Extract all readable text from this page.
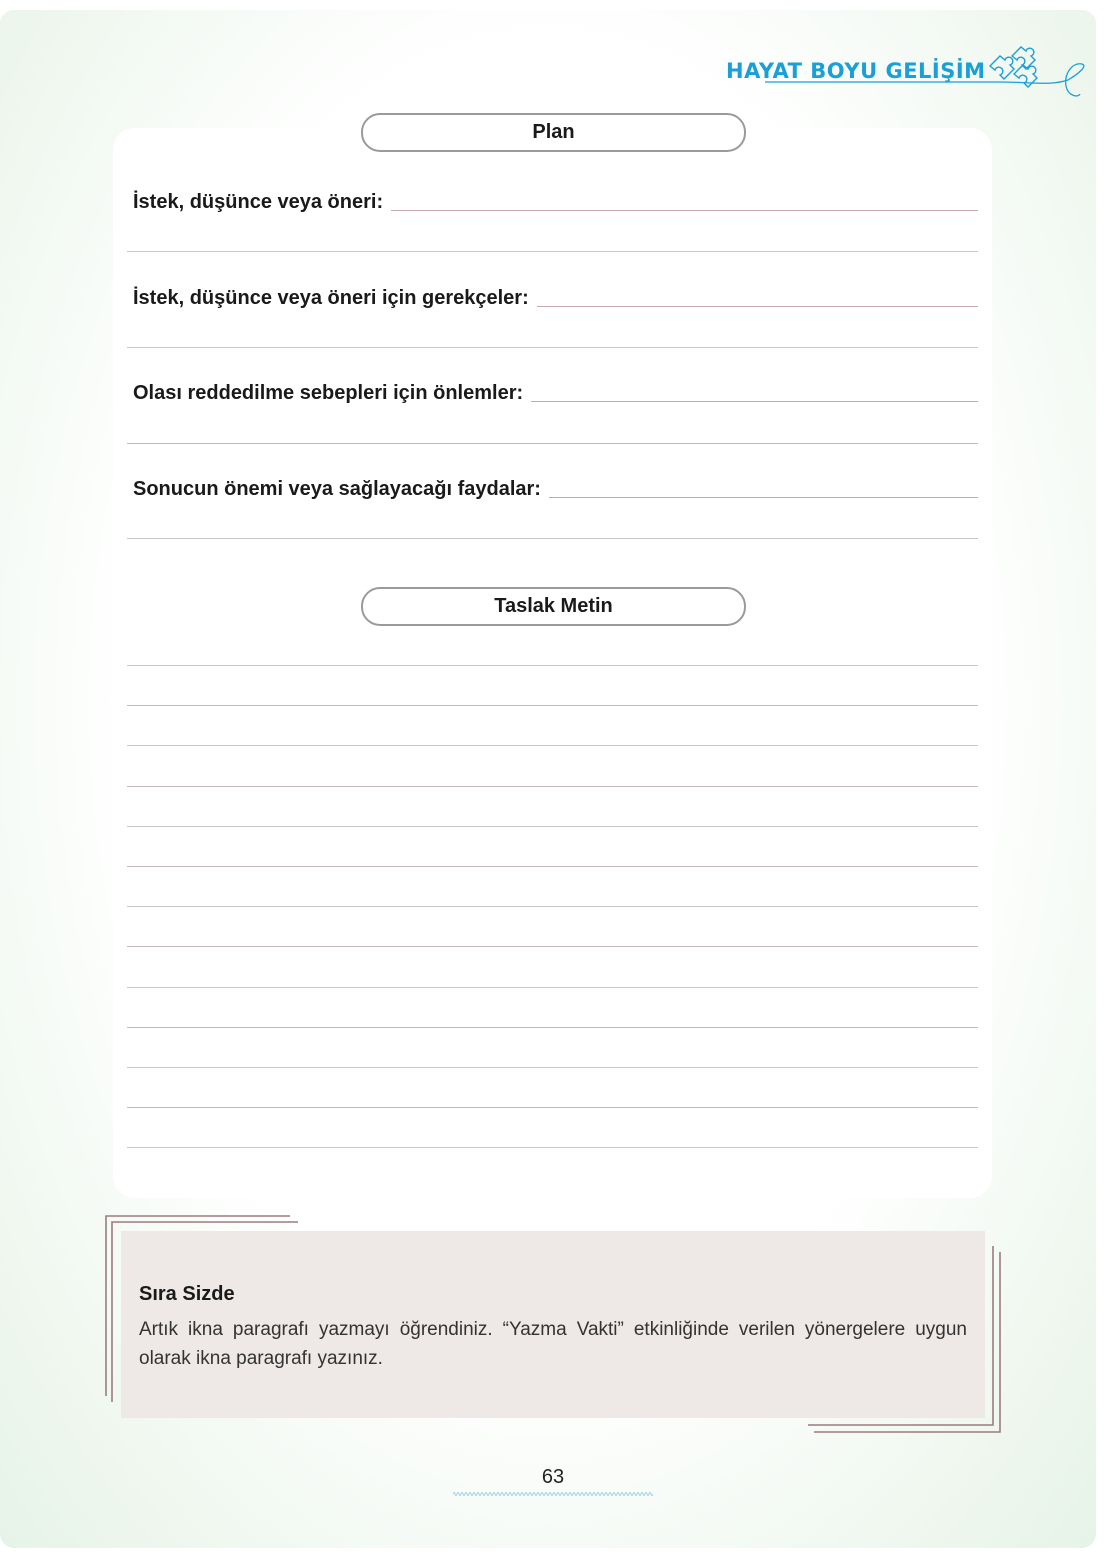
HAYAT BOYU GELİŞİM
Plan
İstek, düşünce veya öneri:
İstek, düşünce veya öneri için gerekçeler:
Olası reddedilme sebepleri için önlemler:
Sonucun önemi veya sağlayacağı faydalar:
Taslak Metin
Sıra Sizde
Artık ikna paragrafı yazmayı öğrendiniz. “Yazma Vakti” etkinliğinde verilen yönergelere uygun olarak ikna paragrafı yazınız.
63
